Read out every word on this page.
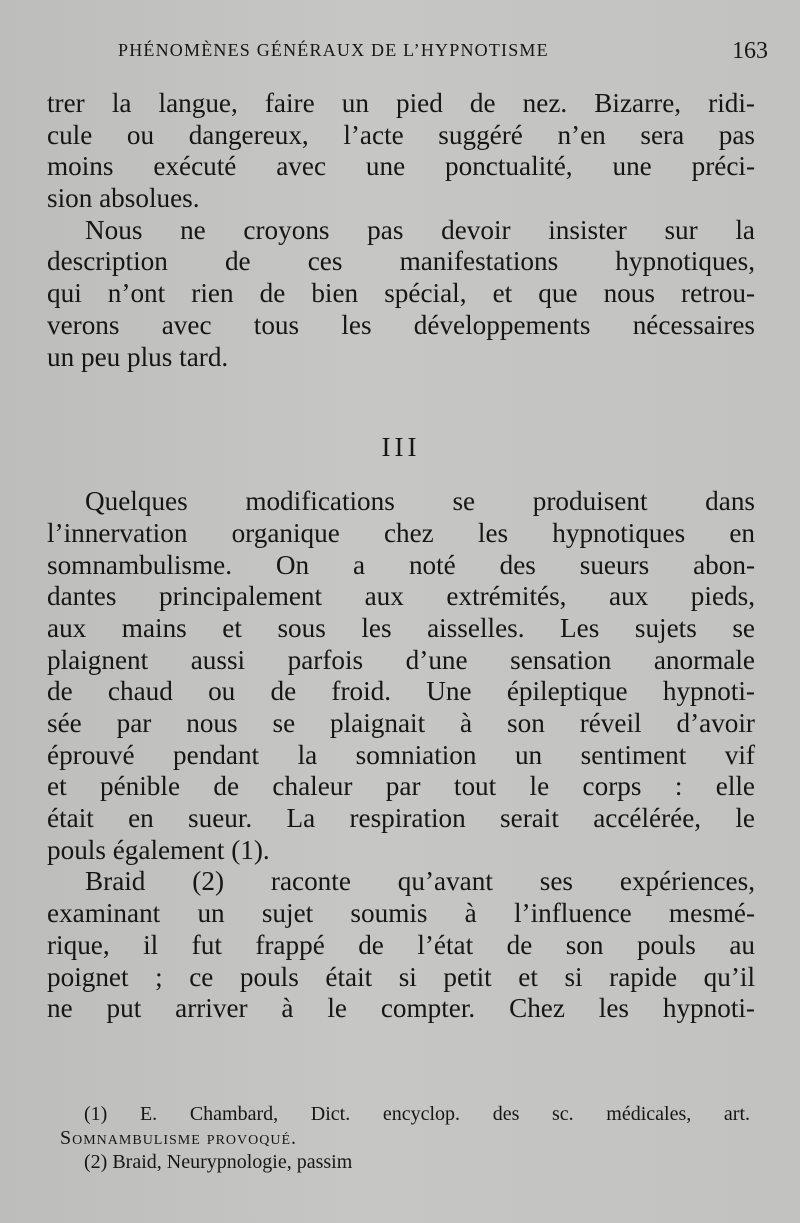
PHÉNOMÈNES GÉNÉRAUX DE L’HYPNOTISME	163
trer la langue, faire un pied de nez. Bizarre, ridi-
cule ou dangereux, l’acte suggéré n’en sera pas
moins exécuté avec une ponctualité, une préci-
sion absolues.
Nous ne croyons pas devoir insister sur la
description de ces manifestations hypnotiques,
qui n’ont rien de bien spécial, et que nous retrou-
verons avec tous les développements nécessaires
un peu plus tard.
III
Quelques modifications se produisent dans
l’innervation organique chez les hypnotiques en
somnambulisme. On a noté des sueurs abon-
dantes principalement aux extrémités, aux pieds,
aux mains et sous les aisselles. Les sujets se
plaignent aussi parfois d’une sensation anormale
de chaud ou de froid. Une épileptique hypnoti-
sée par nous se plaignait à son réveil d’avoir
éprouvé pendant la somniation un sentiment vif
et pénible de chaleur par tout le corps : elle
était en sueur. La respiration serait accélérée, le
pouls également (1).
Braid (2) raconte qu’avant ses expériences,
examinant un sujet soumis à l’influence mesmé-
rique, il fut frappé de l’état de son pouls au
poignet ; ce pouls était si petit et si rapide qu’il
ne put arriver à le compter. Chez les hypnoti-
(1) E. Chambard, Dict. encyclop. des sc. médicales, art.
Somnambulisme provoqué.
(2) Braid, Neurypnologie, passim
